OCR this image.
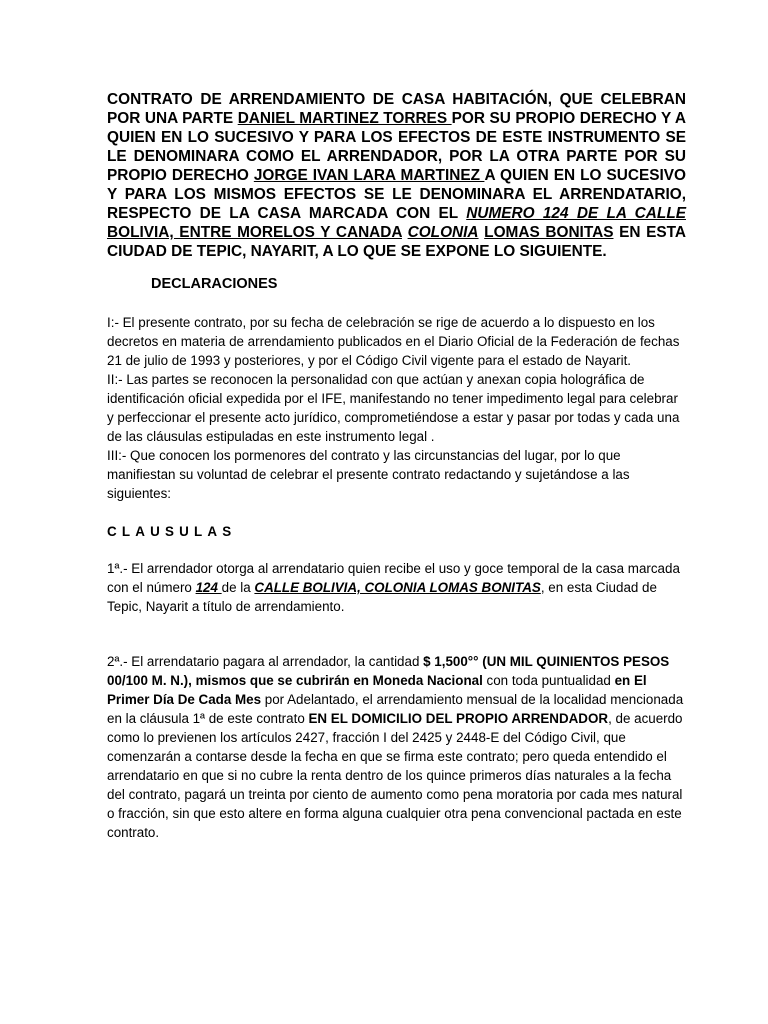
CONTRATO DE ARRENDAMIENTO DE CASA HABITACIÓN, QUE CELEBRAN POR UNA PARTE DANIEL MARTINEZ TORRES POR SU PROPIO DERECHO Y A QUIEN EN LO SUCESIVO Y PARA LOS EFECTOS DE ESTE INSTRUMENTO SE LE DENOMINARA COMO EL ARRENDADOR, POR LA OTRA PARTE POR SU PROPIO DERECHO JORGE IVAN LARA MARTINEZ A QUIEN EN LO SUCESIVO Y PARA LOS MISMOS EFECTOS SE LE DENOMINARA EL ARRENDATARIO, RESPECTO DE LA CASA MARCADA CON EL NUMERO 124 DE LA CALLE BOLIVIA, ENTRE MORELOS Y CANADA COLONIA LOMAS BONITAS EN ESTA CIUDAD DE TEPIC, NAYARIT, A LO QUE SE EXPONE LO SIGUIENTE.

DECLARACIONES

I:- El presente contrato, por su fecha de celebración se rige de acuerdo a lo dispuesto en los decretos en materia de arrendamiento publicados en el Diario Oficial de la Federación de fechas 21 de julio de 1993 y posteriores, y por el Código Civil vigente para el estado de Nayarit.

II:- Las partes se reconocen la personalidad con que actúan y anexan copia holográfica de identificación oficial expedida por el IFE, manifestando no tener impedimento legal para celebrar y perfeccionar el presente acto jurídico, comprometiéndose a estar y pasar por todas y cada una de las cláusulas estipuladas en este instrumento legal .

III:- Que conocen los pormenores del contrato y las circunstancias del lugar, por lo que manifiestan su voluntad de celebrar el presente contrato redactando y sujetándose a las siguientes:

CLAUSULAS

1ª.- El arrendador otorga al arrendatario quien recibe el uso y goce temporal de la casa marcada con el número 124 de la CALLE BOLIVIA, COLONIA LOMAS BONITAS, en esta Ciudad de Tepic, Nayarit a título de arrendamiento.

2ª.- El arrendatario pagara al arrendador, la cantidad $ 1,500°° (UN MIL QUINIENTOS PESOS 00/100 M. N.), mismos que se cubrirán en Moneda Nacional con toda puntualidad en El Primer Día De Cada Mes por Adelantado, el arrendamiento mensual de la localidad mencionada en la cláusula 1ª de este contrato EN EL DOMICILIO DEL PROPIO ARRENDADOR, de acuerdo como lo previenen los artículos 2427, fracción I del 2425 y 2448-E del Código Civil, que comenzarán a contarse desde la fecha en que se firma este contrato; pero queda entendido el arrendatario en que si no cubre la renta dentro de los quince primeros días naturales a la fecha del contrato, pagará un treinta por ciento de aumento como pena moratoria por cada mes natural o fracción, sin que esto altere en forma alguna cualquier otra pena convencional pactada en este contrato.
